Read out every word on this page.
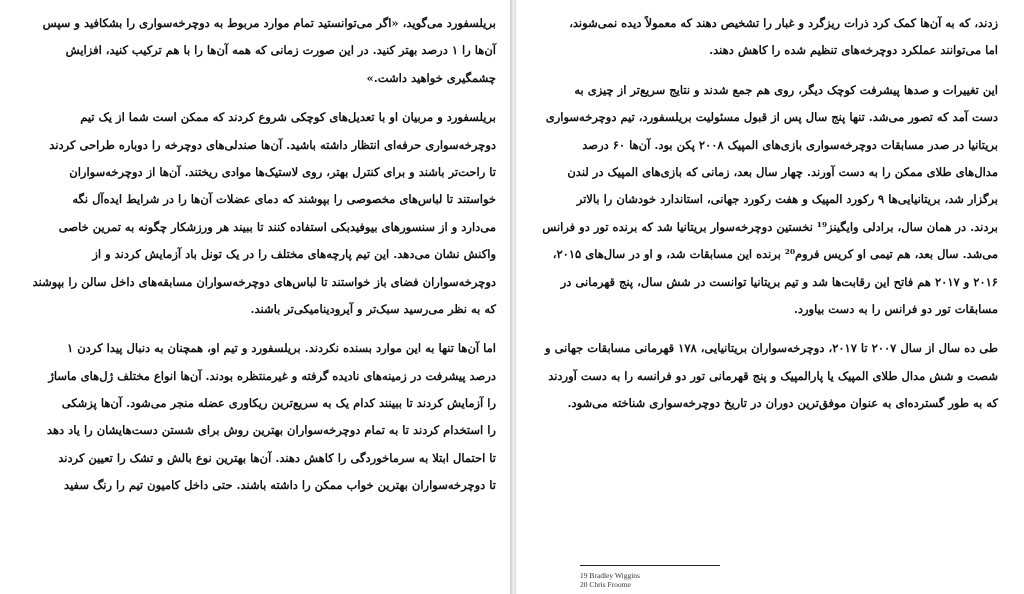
بریلسفورد می‌گوید، «اگر می‌توانستید تمام موارد مربوط به دوچرخه‌سواری را بشکافید و سپس
آن‌ها را ۱ درصد بهتر کنید. در این صورت زمانی که همه آن‌ها را با هم ترکیب کنید، افزایش
چشمگیری خواهید داشت.»

بریلسفورد و مربیان او با تعدیل‌های کوچکی شروع کردند که ممکن است شما از یک تیم
دوچرخه‌سواری حرفه‌ای انتظار داشته باشید. آن‌ها صندلی‌های دوچرخه را دوباره طراحی کردند
تا راحت‌تر باشند و برای کنترل بهتر، روی لاستیک‌ها موادی ریختند. آن‌ها از دوچرخه‌سواران
خواستند تا لباس‌های مخصوصی را بپوشند که دمای عضلات آن‌ها را در شرایط ایده‌آل نگه
می‌دارد و از سنسورهای بیوفیدبکی استفاده کنند تا ببیند هر ورزشکار چگونه به تمرین خاصی
واکنش نشان می‌دهد. این تیم پارچه‌های مختلف را در یک تونل باد آزمایش کردند و از
دوچرخه‌سواران فضای باز خواستند تا لباس‌های دوچرخه‌سواران مسابقه‌های داخل سالن را بپوشند
که به نظر می‌رسید سبک‌تر و آیرودینامیکی‌تر باشند.

اما آن‌ها تنها به این موارد بسنده نکردند. بریلسفورد و تیم او، همچنان به دنبال پیدا کردن ۱
درصد پیشرفت در زمینه‌های نادیده گرفته و غیرمنتظره بودند. آن‌ها انواع مختلف ژل‌های ماساژ
را آزمایش کردند تا ببینند کدام یک به سریع‌ترین ریکاوری عضله منجر می‌شود. آن‌ها پزشکی
را استخدام کردند تا به تمام دوچرخه‌سواران بهترین روش برای شستن دست‌هایشان را یاد دهد
تا احتمال ابتلا به سرماخوردگی را کاهش دهند. آن‌ها بهترین نوع بالش و تشک را تعیین کردند
تا دوچرخه‌سواران بهترین خواب ممکن را داشته باشند. حتی داخل کامیون تیم را رنگ سفید

زدند، که به آن‌ها کمک کرد ذرات ریزگرد و غبار را تشخیص دهند که معمولاً دیده نمی‌شوند،
اما می‌توانند عملکرد دوچرخه‌های تنظیم شده را کاهش دهند.

این تغییرات و صدها پیشرفت کوچک دیگر، روی هم جمع شدند و نتایج سریع‌تر از چیزی به
دست آمد که تصور می‌شد. تنها پنج سال پس از قبول مسئولیت بریلسفورد، تیم دوچرخه‌سواری
بریتانیا در صدر مسابقات دوچرخه‌سواری بازی‌های المپیک ۲۰۰۸ پکن بود. آن‌ها ۶۰ درصد
مدال‌های طلای ممکن را به دست آورند. چهار سال بعد، زمانی که بازی‌های المپیک در لندن
برگزار شد، بریتانیایی‌ها ۹ رکورد المپیک و هفت رکورد جهانی، استاندارد خودشان را بالاتر
بردند. در همان سال، برادلی وایگینز¹⁹ نخستین دوچرخه‌سوار بریتانیا شد که برنده تور دو فرانس
می‌شد. سال بعد، هم تیمی او کریس فروم²⁰ برنده این مسابقات شد، و او در سال‌های ۲۰۱۵،
۲۰۱۶ و ۲۰۱۷ هم فاتح این رقابت‌ها شد و تیم بریتانیا توانست در شش سال، پنج قهرمانی در
مسابقات تور دو فرانس را به دست بیاورد.

طی ده سال از سال ۲۰۰۷ تا ۲۰۱۷، دوچرخه‌سواران بریتانیایی، ۱۷۸ قهرمانی مسابقات جهانی و
شصت و شش مدال طلای المپیک یا پارالمپیک و پنج قهرمانی تور دو فرانسه را به دست آوردند
که به طور گسترده‌ای به عنوان موفق‌ترین دوران در تاریخ دوچرخه‌سواری شناخته می‌شود.

19 Bradley Wiggins
20 Chris Froome
